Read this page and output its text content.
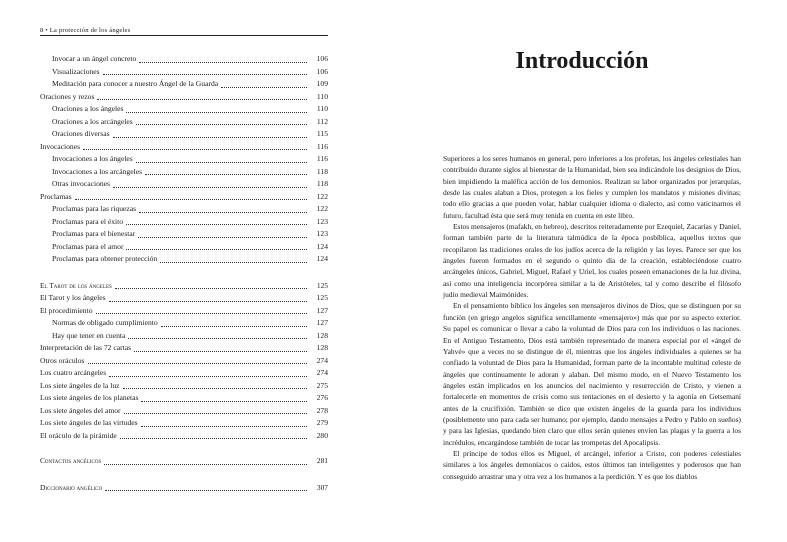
8 • La protección de los ángeles
Invocar a un ángel concreto	106
Visualizaciones	106
Meditación para conocer a nuestro Ángel de la Guarda	109
Oraciones y rezos	110
Oraciones a los ángeles	110
Oraciones a los arcángeles	112
Oraciones diversas	115
Invocaciones	116
Invocaciones a los ángeles	116
Invocaciones a los arcángeles	118
Otras invocaciones	118
Proclamas	122
Proclamas para las riquezas	122
Proclamas para el éxito	123
Proclamas para el bienestar	123
Proclamas para el amor	124
Proclamas para obtener protección	124
El Tarot de los ángeles	125
El Tarot y los ángeles	125
El procedimiento	127
Normas de obligado cumplimiento	127
Hay que tener en cuenta	128
Interpretación de las 72 cartas	128
Otros oráculos	274
Los cuatro arcángeles	274
Los siete ángeles de la luz	275
Los siete ángeles de los planetas	276
Los siete ángeles del amor	278
Los siete ángeles de las virtudes	279
El oráculo de la pirámide	280
Contactos angélicos	281
Diccionario angélico	307
Introducción

Superiores a los seres humanos en general, pero inferiores a los profetas, los ángeles celestiales han contribuido durante siglos al bienestar de la Humanidad, bien sea indicándole los designios de Dios, bien impidiendo la maléfica acción de los demonios. Realizan su labor organizados por jerarquías, desde las cuales alaban a Dios, protegen a los fieles y cumplen los mandatos y misiones divinas; todo ello gracias a que pueden volar, hablar cualquier idioma o dialecto, así como vaticinarnos el futuro, facultad ésta que será muy tenida en cuenta en este libro.

Estos mensajeros (mafakh, en hebreo), descritos reiteradamente por Ezequiel, Zacarías y Daniel, forman también parte de la literatura talmúdica de la época posbíblica, aquellos textos que recopilaron las tradiciones orales de los judíos acerca de la religión y las leyes. Parece ser que los ángeles fueron formados en el segundo o quinto día de la creación, estableciéndose cuatro arcángeles únicos, Gabriel, Miguel, Rafael y Uriel, los cuales poseen emanaciones de la luz divina, así como una inteligencia incorpórea similar a la de Aristóteles, tal y como describe el filósofo judío medieval Maimónides.

En el pensamiento bíblico los ángeles son mensajeros divinos de Dios, que se distinguen por su función (en griego angelos significa sencillamente «mensajero») más que por su aspecto exterior. Su papel es comunicar o llevar a cabo la voluntad de Dios para con los individuos o las naciones. En el Antiguo Testamento, Dios está también representado de manera especial por el «ángel de Yahvé» que a veces no se distingue de él, mientras que los ángeles individuales a quienes se ha confiado la voluntad de Dios para la Humanidad, forman parte de la incontable multitud celeste de ángeles que continuamente le adoran y alaban. Del mismo modo, en el Nuevo Testamento los ángeles están implicados en los anuncios del nacimiento y resurrección de Cristo, y vienen a fortalecerle en momentos de crisis como sus tentaciones en el desierto y la agonía en Getsemaní antes de la crucifixión. También se dice que existen ángeles de la guarda para los individuos (posiblemente uno para cada ser humano; por ejemplo, dando mensajes a Pedro y Pablo en sueños) y para las Iglesias, quedando bien claro que ellos serán quienes envíen las plagas y la guerra a los incrédulos, encargándose también de tocar las trompetas del Apocalipsis.

El príncipe de todos ellos es Miguel, el arcángel, inferior a Cristo, con poderes celestiales similares a los ángeles demoníacos o caídos, estos últimos tan inteligentes y poderosos que han conseguido arrastrar una y otra vez a los humanos a la perdición. Y es que los diablos
